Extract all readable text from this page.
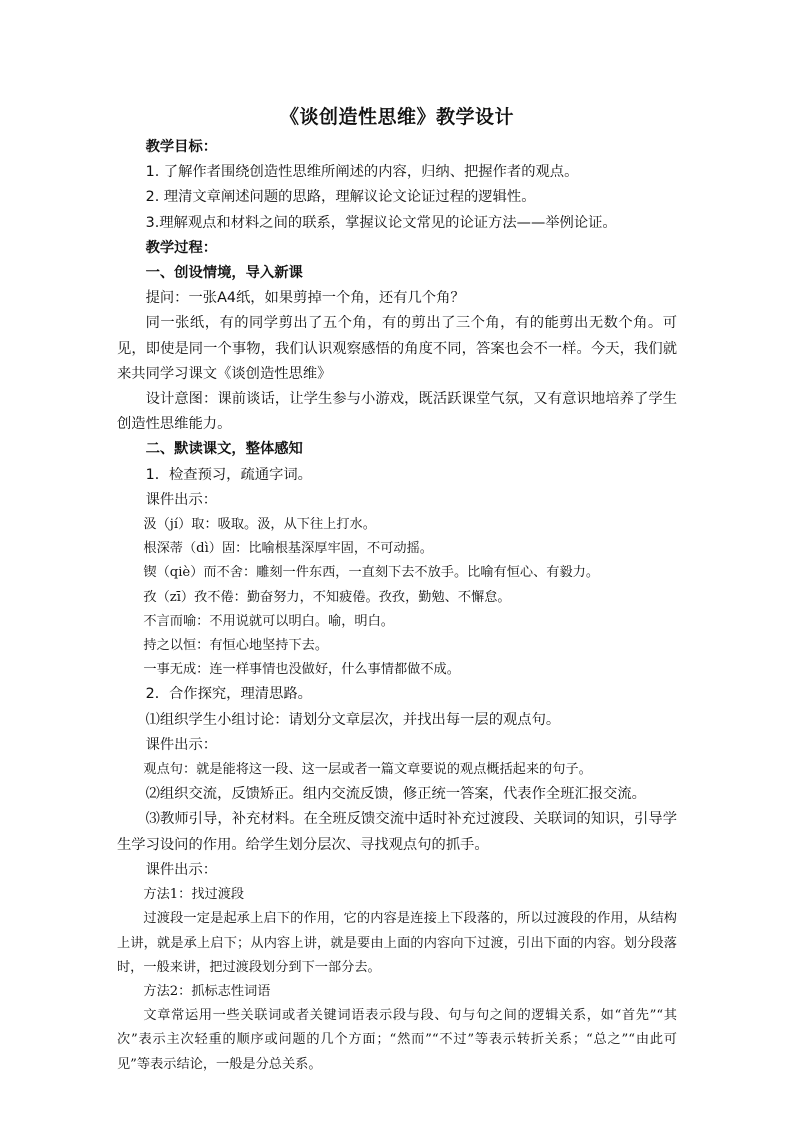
《谈创造性思维》教学设计

教学目标：

1. 了解作者围绕创造性思维所阐述的内容，归纳、把握作者的观点。

2. 理清文章阐述问题的思路，理解议论文论证过程的逻辑性。

3.理解观点和材料之间的联系，掌握议论文常见的论证方法——举例论证。

教学过程：

一、创设情境，导入新课

提问：一张A4纸，如果剪掉一个角，还有几个角？

同一张纸，有的同学剪出了五个角，有的剪出了三个角，有的能剪出无数个角。可见，即使是同一个事物，我们认识观察感悟的角度不同，答案也会不一样。今天，我们就来共同学习课文《谈创造性思维》

设计意图：课前谈话，让学生参与小游戏，既活跃课堂气氛，又有意识地培养了学生创造性思维能力。

二、默读课文，整体感知

1．检查预习，疏通字词。

课件出示：

汲（jí）取：吸取。汲，从下往上打水。

根深蒂（dì）固：比喻根基深厚牢固，不可动摇。

锲（qiè）而不舍：雕刻一件东西，一直刻下去不放手。比喻有恒心、有毅力。

孜（zī）孜不倦：勤奋努力，不知疲倦。孜孜，勤勉、不懈怠。

不言而喻：不用说就可以明白。喻，明白。

持之以恒：有恒心地坚持下去。

一事无成：连一样事情也没做好，什么事情都做不成。

2．合作探究，理清思路。

⑴组织学生小组讨论：请划分文章层次，并找出每一层的观点句。

课件出示：

观点句：就是能将这一段、这一层或者一篇文章要说的观点概括起来的句子。

⑵组织交流，反馈矫正。组内交流反馈，修正统一答案，代表作全班汇报交流。

⑶教师引导，补充材料。在全班反馈交流中适时补充过渡段、关联词的知识，引导学生学习设问的作用。给学生划分层次、寻找观点句的抓手。

课件出示：

方法1：找过渡段

过渡段一定是起承上启下的作用，它的内容是连接上下段落的，所以过渡段的作用，从结构上讲，就是承上启下；从内容上讲，就是要由上面的内容向下过渡，引出下面的内容。划分段落时，一般来讲，把过渡段划分到下一部分去。

方法2：抓标志性词语

文章常运用一些关联词或者关键词语表示段与段、句与句之间的逻辑关系，如“首先”“其次”表示主次轻重的顺序或问题的几个方面；“然而”“不过”等表示转折关系；“总之”“由此可见”等表示结论，一般是分总关系。
